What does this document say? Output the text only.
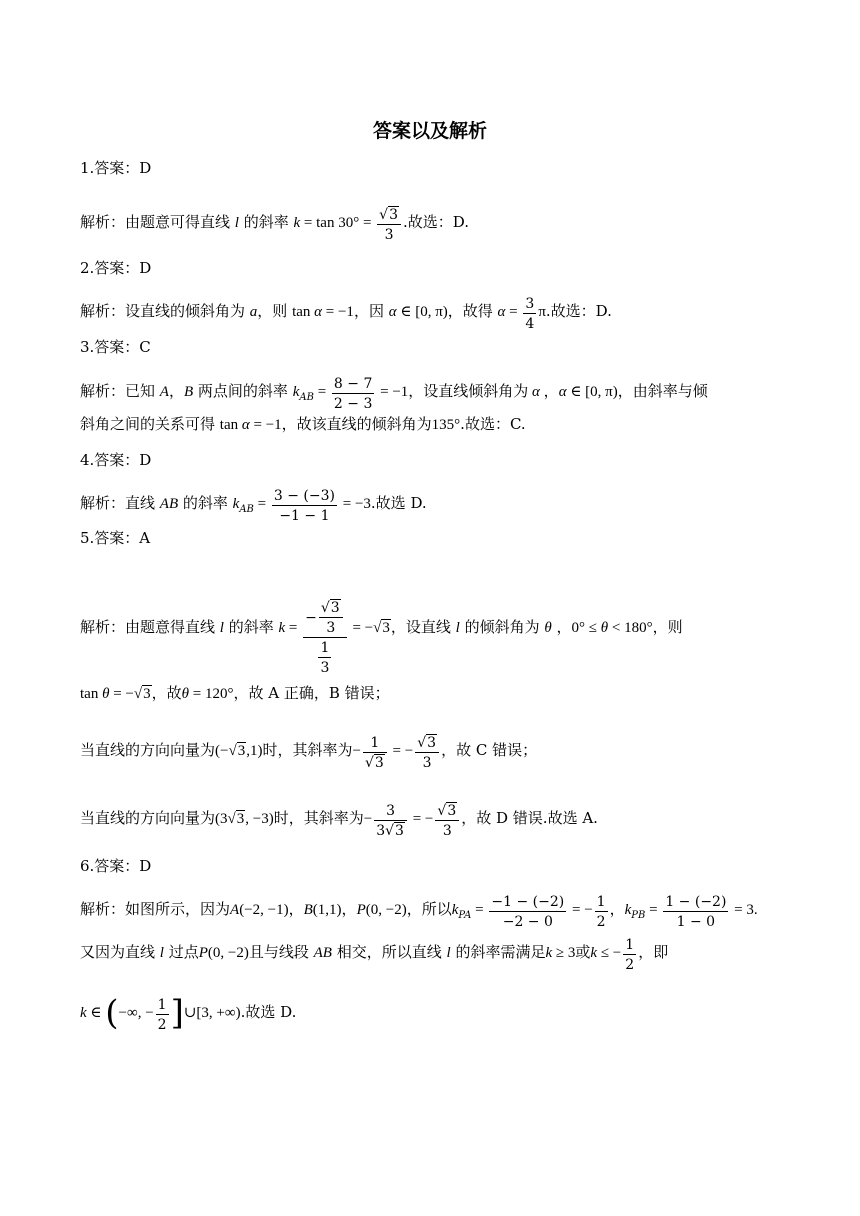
答案以及解析
1.答案：D
解析：由题意可得直线 l 的斜率 $k = \tan 30^\circ = \frac{√3}{3}$ .故选：D.
2.答案：D
解析：设直线的倾斜角为 a，则 tan α = −1，因 α ∈ [0, π)，故得 $\alpha = \frac{3}{4} \pi$.故选：D.
3.答案：C
解析：已知 A，B 两点间的斜率 $k_{AB} = \frac{8 - 7}{2 - 3} = -1$，设直线倾斜角为 α ，α ∈ [0, π)，由斜率与倾
斜角之间的关系可得 tan α = −1，故该直线的倾斜角为135°.故选：C.
4.答案：D
解析：直线 AB 的斜率 $k_{AB} = \frac{3 - (-3)}{-1 - 1} = -3$.故选 D.
5.答案：A
解析：由题意得直线 l 的斜率 $k = \frac{- \frac{√3}{3}}{\frac{1}{3}} = -√3$，设直线 l 的倾斜角为 θ ，0° ≤ θ < 180°，则
tan θ = −√3，故θ = 120°，故 A 正确，B 错误；
当直线的方向向量为(−√3,1)时，其斜率为− $\frac{1}{√3}$ = − $\frac{√3}{3}$ ，故 C 错误；
当直线的方向向量为(3√3, −3)时，其斜率为− $\frac{3}{3√3}$ = − $\frac{√3}{3}$ ，故 D 错误.故选 A.
6.答案：D
解析：如图所示，因为A(−2, −1)，B(1,1)，P(0, −2)，所以$k_{PA} = \frac{-1 - (-2)}{-2 - 0}$ = − $\frac{1}{2}$ ，$k_{PB} = \frac{1 - (-2)}{1 - 0} = 3$.
又因为直线 l 过点P(0, −2)且与线段 AB 相交，所以直线 l 的斜率需满足k ≥ 3或k ≤ − $\frac{1}{2}$ ，即
k ∈ (−∞, − $\frac{1}{2}$ ]∪[3, +∞).故选 D.
